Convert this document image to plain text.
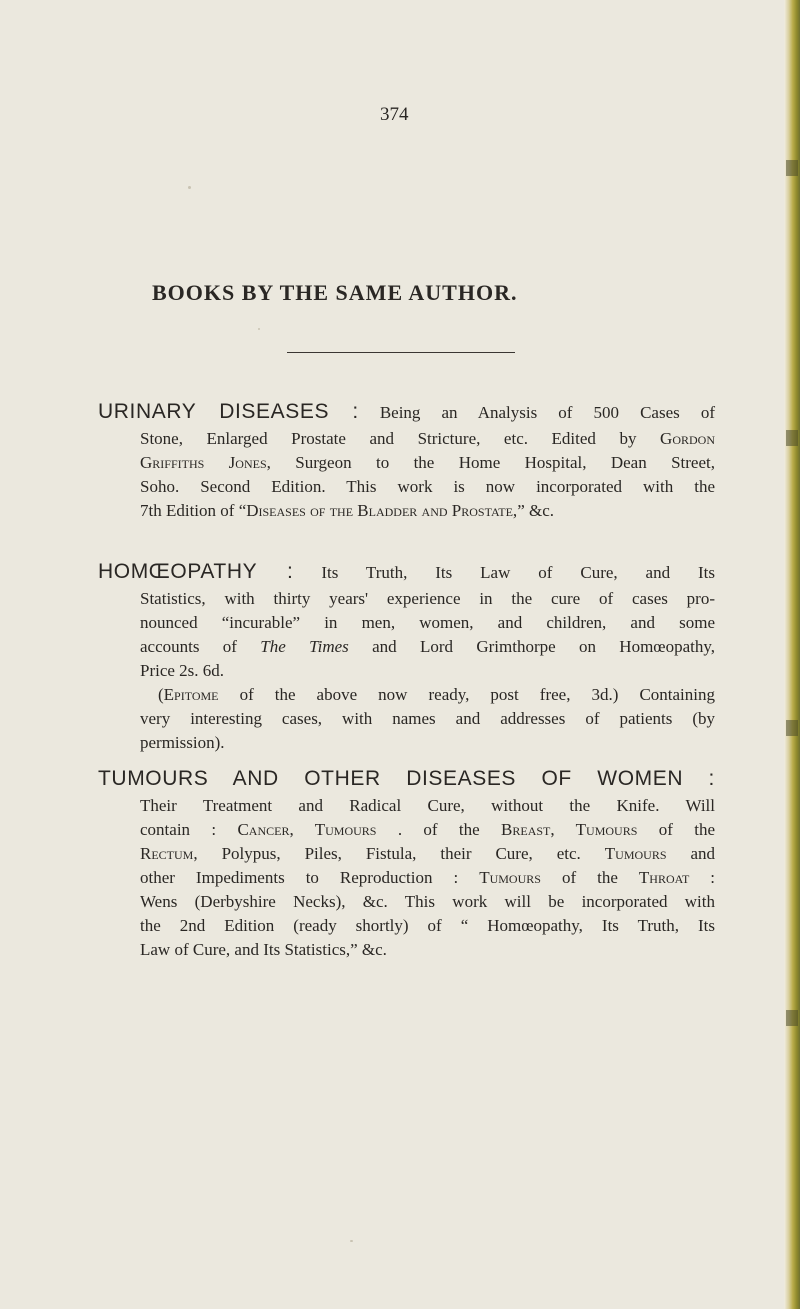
374
BOOKS BY THE SAME AUTHOR.
URINARY DISEASES : Being an Analysis of 500 Cases of
Stone, Enlarged Prostate and Stricture, etc. Edited by Gordon
Griffiths Jones, Surgeon to the Home Hospital, Dean Street,
Soho. Second Edition. This work is now incorporated with the
7th Edition of “Diseases of the Bladder and Prostate,” &c.
HOMŒOPATHY : Its Truth, Its Law of Cure, and Its
Statistics, with thirty years' experience in the cure of cases pro-
nounced “incurable” in men, women, and children, and some
accounts of The Times and Lord Grimthorpe on Homœopathy,
Price 2s. 6d.
(Epitome of the above now ready, post free, 3d.) Containing
very interesting cases, with names and addresses of patients (by
permission).
TUMOURS AND OTHER DISEASES OF WOMEN :
Their Treatment and Radical Cure, without the Knife. Will
contain : Cancer, Tumours . of the Breast, Tumours of the
Rectum, Polypus, Piles, Fistula, their Cure, etc. Tumours and
other Impediments to Reproduction : Tumours of the Throat :
Wens (Derbyshire Necks), &c. This work will be incorporated with
the 2nd Edition (ready shortly) of “ Homœopathy, Its Truth, Its
Law of Cure, and Its Statistics,” &c.
